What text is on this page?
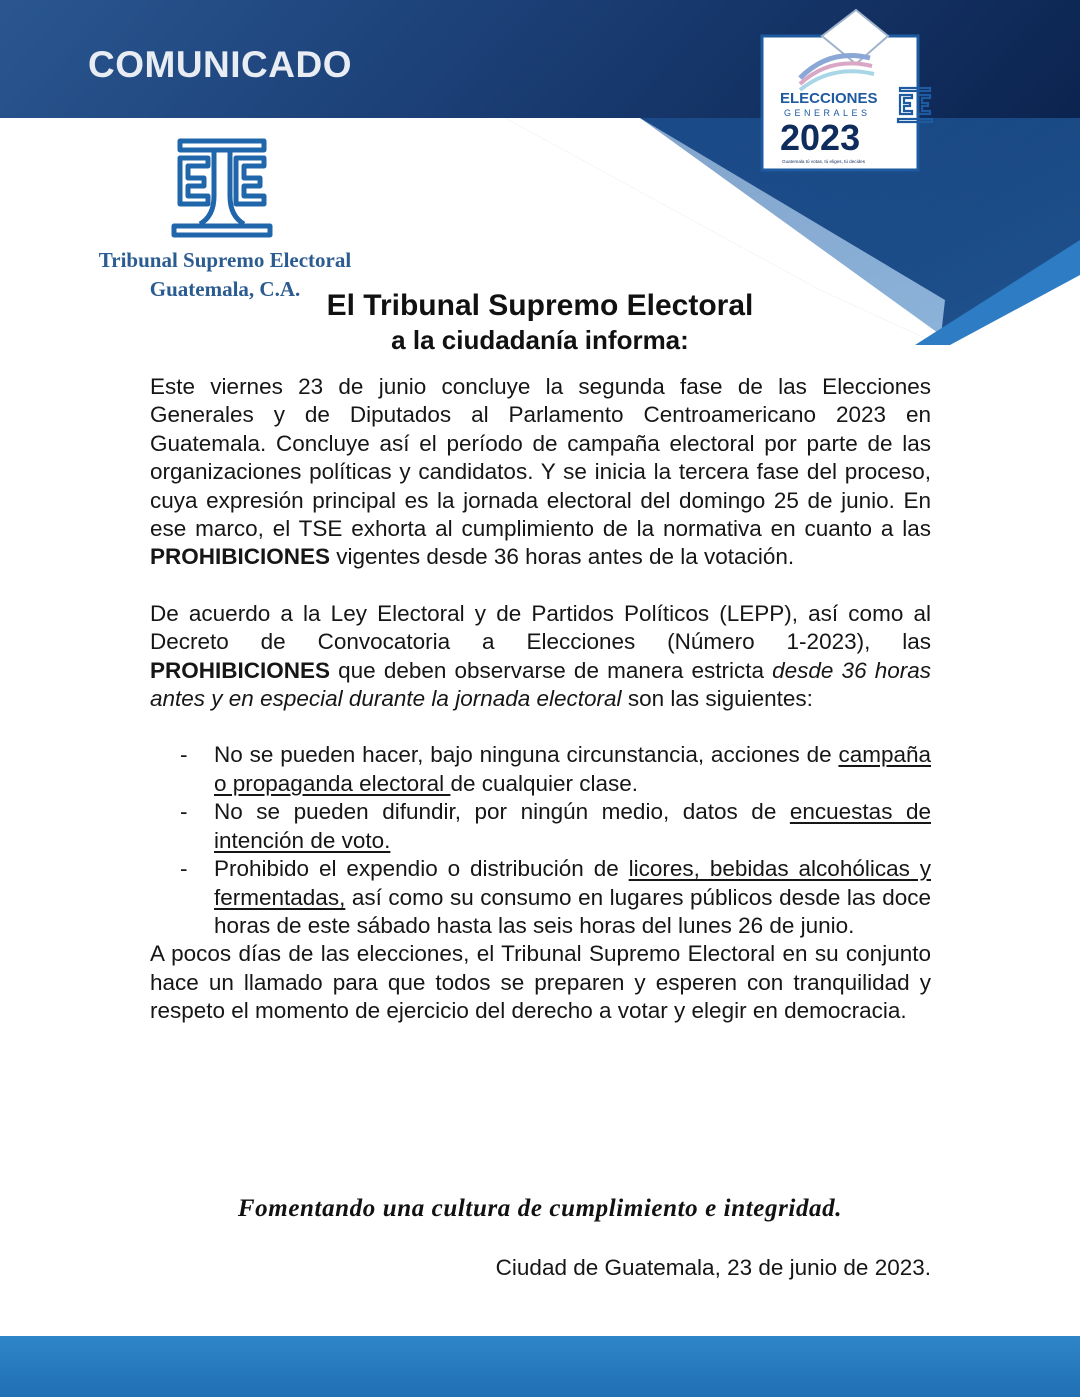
COMUNICADO
Tribunal Supremo Electoral
Guatemala, C.A.
ELECCIONES
GENERALES
2023
Guatemala tú votas, tú eliges, tú decides
El Tribunal Supremo Electoral
a la ciudadanía informa:

Este viernes 23 de junio concluye la segunda fase de las Elecciones Generales y de Diputados al Parlamento Centroamericano 2023 en Guatemala. Concluye así el período de campaña electoral por parte de las organizaciones políticas y candidatos. Y se inicia la tercera fase del proceso, cuya expresión principal es la jornada electoral del domingo 25 de junio. En ese marco, el TSE exhorta al cumplimiento de la normativa en cuanto a las PROHIBICIONES vigentes desde 36 horas antes de la votación.

De acuerdo a la Ley Electoral y de Partidos Políticos (LEPP), así como al Decreto de Convocatoria a Elecciones (Número 1-2023), las PROHIBICIONES que deben observarse de manera estricta desde 36 horas antes y en especial durante la jornada electoral son las siguientes:

- No se pueden hacer, bajo ninguna circunstancia, acciones de campaña o propaganda electoral de cualquier clase.
- No se pueden difundir, por ningún medio, datos de encuestas de intención de voto.
- Prohibido el expendio o distribución de licores, bebidas alcohólicas y fermentadas, así como su consumo en lugares públicos desde las doce horas de este sábado hasta las seis horas del lunes 26 de junio.

A pocos días de las elecciones, el Tribunal Supremo Electoral en su conjunto hace un llamado para que todos se preparen y esperen con tranquilidad y respeto el momento de ejercicio del derecho a votar y elegir en democracia.

Fomentando una cultura de cumplimiento e integridad.
Ciudad de Guatemala, 23 de junio de 2023.
